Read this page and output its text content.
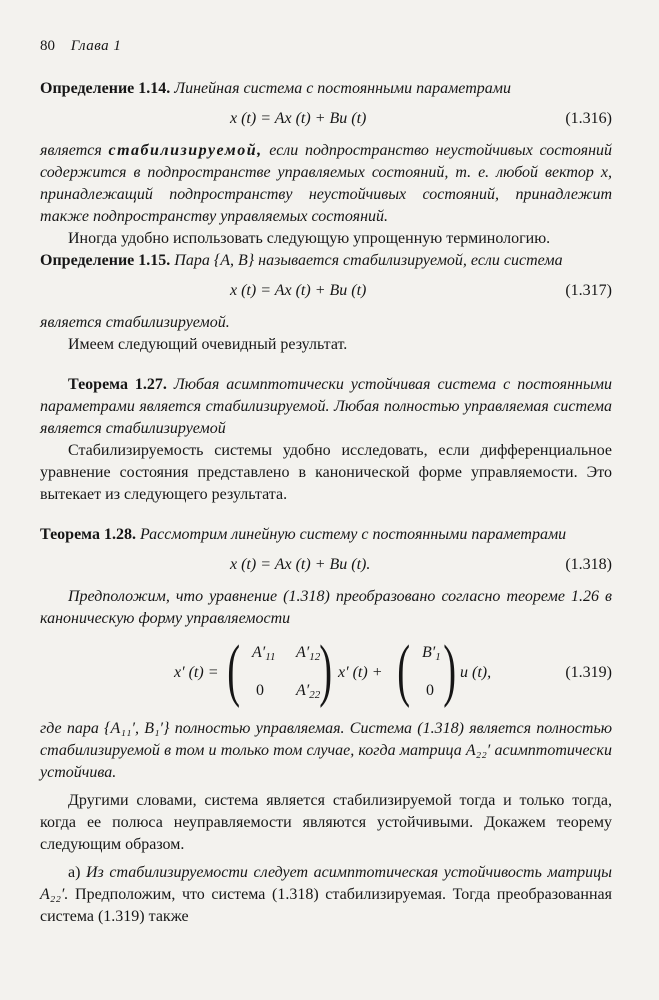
80 Глава 1

Определение 1.14. Линейная система с постоянными параметрами

x (t) = Ax (t) + Bu (t)	(1.316)

является стабилизируемой, если подпространство неустойчивых состояний содержится в подпространстве управляемых состояний, т. е. любой вектор x, принадлежащий подпространству неустойчивых состояний, принадлежит также подпространству управляемых состояний.

Иногда удобно использовать следующую упрощенную терминологию.

Определение 1.15. Пара {A, B} называется стабилизируемой, если система

x (t) = Ax (t) + Bu (t)	(1.317)

является стабилизируемой.

Имеем следующий очевидный результат.

Теорема 1.27. Любая асимптотически устойчивая система с постоянными параметрами является стабилизируемой. Любая полностью управляемая система является стабилизируемой

Стабилизируемость системы удобно исследовать, если дифференциальное уравнение состояния представлено в канонической форме управляемости. Это вытекает из следующего результата.

Теорема 1.28. Рассмотрим линейную систему с постоянными параметрами

x (t) = Ax (t) + Bu (t).	(1.318)

Предположим, что уравнение (1.318) преобразовано согласно теореме 1.26 в каноническую форму управляемости

x′ (t) = ( $A'_{11}$ $A'_{12}$
0 $A'_{22}$
) x′ (t) + ( $B'_1$
0 ) u (t),	(1.319)

где пара {A₁₁′, B₁′} полностью управляемая. Система (1.318) является полностью стабилизируемой в том и только том случае, когда матрица A₂₂′ асимптотически устойчива.

Другими словами, система является стабилизируемой тогда и только тогда, когда ее полюса неуправляемости являются устойчивыми. Докажем теорему следующим образом.

а) Из стабилизируемости следует асимптотическая устойчивость матрицы A₂₂′. Предположим, что система (1.318) стабилизируемая. Тогда преобразованная система (1.319) также
